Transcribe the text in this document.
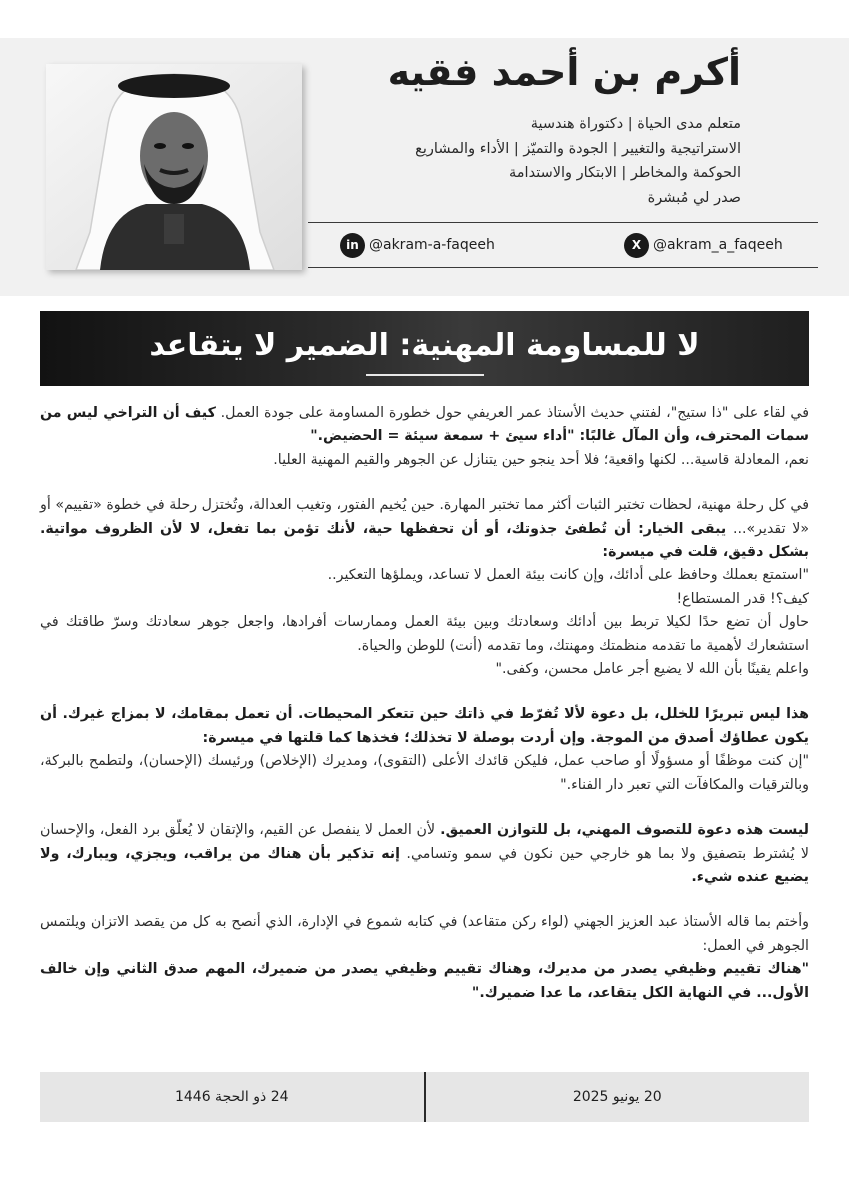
أكرم بن أحمد فقيه
متعلم مدى الحياة | دكتوراة هندسية
الاستراتيجية والتغيير | الجودة والتميّز | الأداء والمشاريع
الحوكمة والمخاطر | الابتكار والاستدامة
صدر لي مُبشرة
in @akram-a-faqeeh	X @akram_a_faqeeh
لا للمساومة المهنية: الضمير لا يتقاعد

في لقاء على "ذا ستيج"، لفتني حديث الأستاذ عمر العريفي حول خطورة المساومة على جودة العمل. كيف أن التراخي ليس من سمات المحترف، وأن المآل غالبًا: "أداء سيئ + سمعة سيئة = الحضيض."
نعم، المعادلة قاسية... لكنها واقعية؛ فلا أحد ينجو حين يتنازل عن الجوهر والقيم المهنية العليا.

في كل رحلة مهنية، لحظات تختبر الثبات أكثر مما تختبر المهارة. حين يُخيم الفتور، وتغيب العدالة، وتُختزل رحلة في خطوة «تقييم» أو «لا تقدير»... يبقى الخيار: أن تُطفئ جذوتك، أو أن تحفظها حية، لأنك تؤمن بما تفعل، لا لأن الظروف مواتية. بشكل دقيق، قلت في ميسرة:
"استمتع بعملك وحافظ على أدائك، وإن كانت بيئة العمل لا تساعد، ويملؤها التعكير..
كيف؟! قدر المستطاع!
حاول أن تضع حدًا لكيلا تربط بين أدائك وسعادتك وبين بيئة العمل وممارسات أفرادها، واجعل جوهر سعادتك وسرّ طاقتك في استشعارك لأهمية ما تقدمه منظمتك ومهنتك، وما تقدمه (أنت) للوطن والحياة.
واعلم يقينًا بأن الله لا يضيع أجر عامل محسن، وكفى."

هذا ليس تبريرًا للخلل، بل دعوة لألا تُفرّط في ذاتك حين تتعكر المحيطات. أن تعمل بمقامك، لا بمزاج غيرك. أن يكون عطاؤك أصدق من الموجة. وإن أردت بوصلة لا تخذلك؛ فخذها كما قلتها في ميسرة:
"إن كنت موظفًا أو مسؤولًا أو صاحب عمل، فليكن قائدك الأعلى (التقوى)، ومديرك (الإخلاص) ورئيسك (الإحسان)، ولتطمح بالبركة، وبالترقيات والمكافآت التي تعبر دار الفناء."

ليست هذه دعوة للتصوف المهني، بل للتوازن العميق. لأن العمل لا ينفصل عن القيم، والإتقان لا يُعلّق برد الفعل، والإحسان لا يُشترط بتصفيق ولا بما هو خارجي حين نكون في سمو وتسامي. إنه تذكير بأن هناك من يراقب، ويجزي، ويبارك، ولا يضيع عنده شيء.

وأختم بما قاله الأستاذ عبد العزيز الجهني (لواء ركن متقاعد) في كتابه شموع في الإدارة، الذي أنصح به كل من يقصد الاتزان ويلتمس الجوهر في العمل:
"هناك تقييم وظيفي يصدر من مديرك، وهناك تقييم وظيفي يصدر من ضميرك، المهم صدق الثاني وإن خالف الأول... في النهاية الكل يتقاعد، ما عدا ضميرك."

20 يونيو 2025
24 ذو الحجة 1446
